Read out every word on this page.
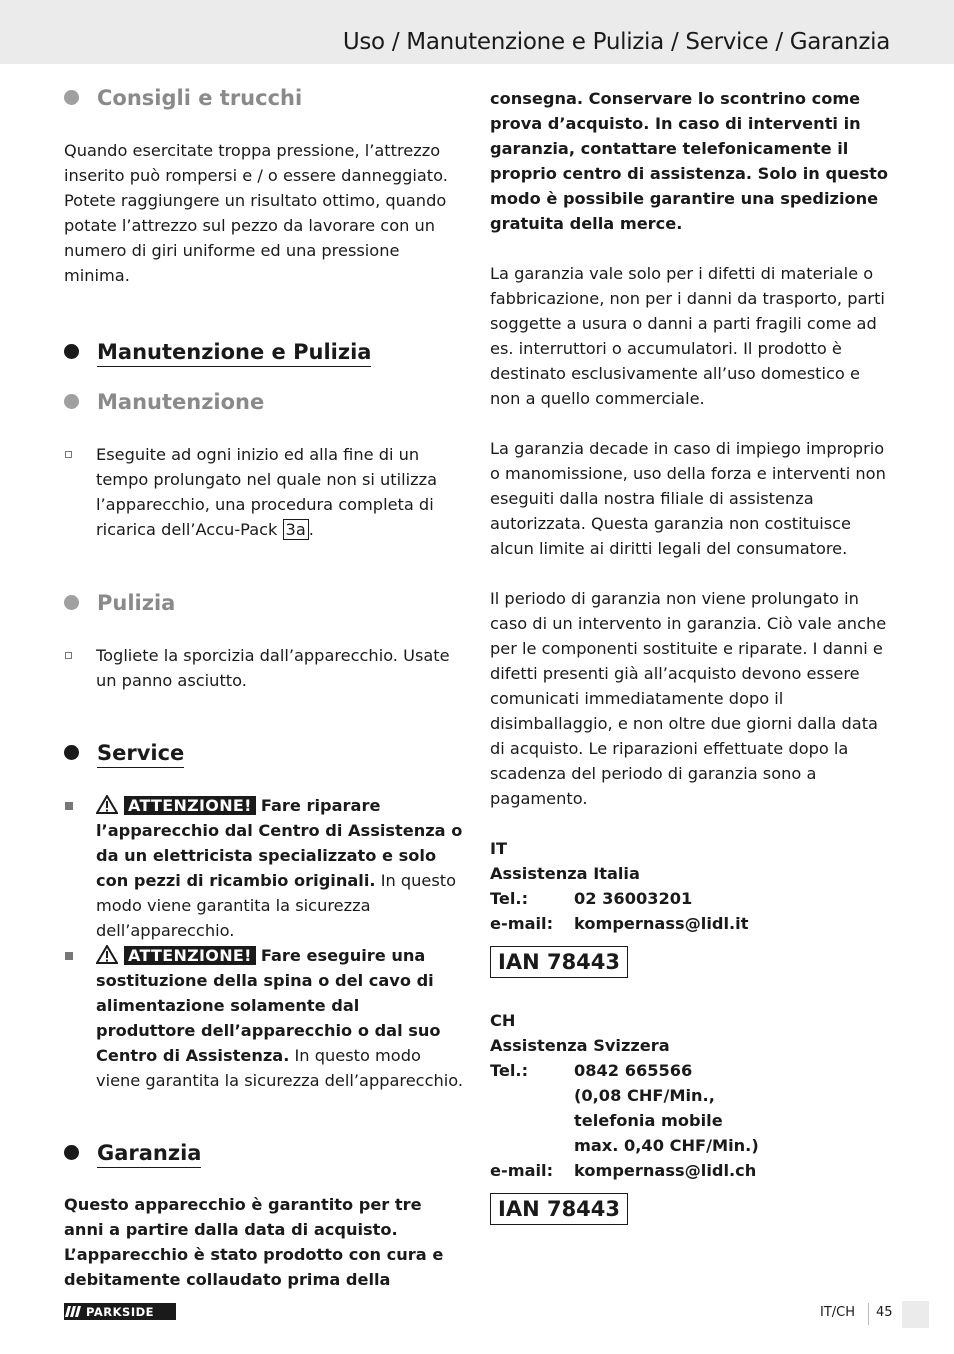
Uso / Manutenzione e Pulizia / Service / Garanzia
Consigli e trucchi

Quando esercitate troppa pressione, l’attrezzo inserito può rompersi e / o essere danneggiato. Potete raggiungere un risultato ottimo, quando potate l’attrezzo sul pezzo da lavorare con un numero di giri uniforme ed una pressione minima.

Manutenzione e Pulizia
Manutenzione
Eseguite ad ogni inizio ed alla fine di un tempo prolungato nel quale non si utilizza l’apparecchio, una procedura completa di ricarica dell’Accu-Pack 3a .
Pulizia
Togliete la sporcizia dall’apparecchio. Usate un panno asciutto.
Service
ATTENZIONE! Fare riparare l’apparecchio dal Centro di Assistenza o da un elettricista specializzato e solo con pezzi di ricambio originali. In questo modo viene garantita la sicurezza dell’apparecchio.
ATTENZIONE! Fare eseguire una sostituzione della spina o del cavo di alimentazione solamente dal produttore dell’apparecchio o dal suo Centro di Assistenza. In questo modo viene garantita la sicurezza dell’apparecchio.
Garanzia

Questo apparecchio è garantito per tre anni a partire dalla data di acquisto. L’apparecchio è stato prodotto con cura e debitamente collaudato prima della

consegna. Conservare lo scontrino come prova d’acquisto. In caso di interventi in garanzia, contattare telefonicamente il proprio centro di assistenza. Solo in questo modo è possibile garantire una spedizione gratuita della merce.

La garanzia vale solo per i difetti di materiale o fabbricazione, non per i danni da trasporto, parti soggette a usura o danni a parti fragili come ad es. interruttori o accumulatori. Il prodotto è destinato esclusivamente all’uso domestico e non a quello commerciale.

La garanzia decade in caso di impiego improprio o manomissione, uso della forza e interventi non eseguiti dalla nostra filiale di assistenza autorizzata. Questa garanzia non costituisce alcun limite ai diritti legali del consumatore.

Il periodo di garanzia non viene prolungato in caso di un intervento in garanzia. Ciò vale anche per le componenti sostituite e riparate. I danni e difetti presenti già all’acquisto devono essere comunicati immediatamente dopo il disimballaggio, e non oltre due giorni dalla data di acquisto. Le riparazioni effettuate dopo la scadenza del periodo di garanzia sono a pagamento.

IT
Assistenza Italia
Tel.:	02 36003201
e-mail:	kompernass@lidl.it
IAN 78443
CH
Assistenza Svizzera
Tel.:	0842 665566
(0,08 CHF/Min.,
telefonia mobile
max. 0,40 CHF/Min.)
e-mail:	kompernass@lidl.ch
IAN 78443
PARKSIDE	IT/CH 45
